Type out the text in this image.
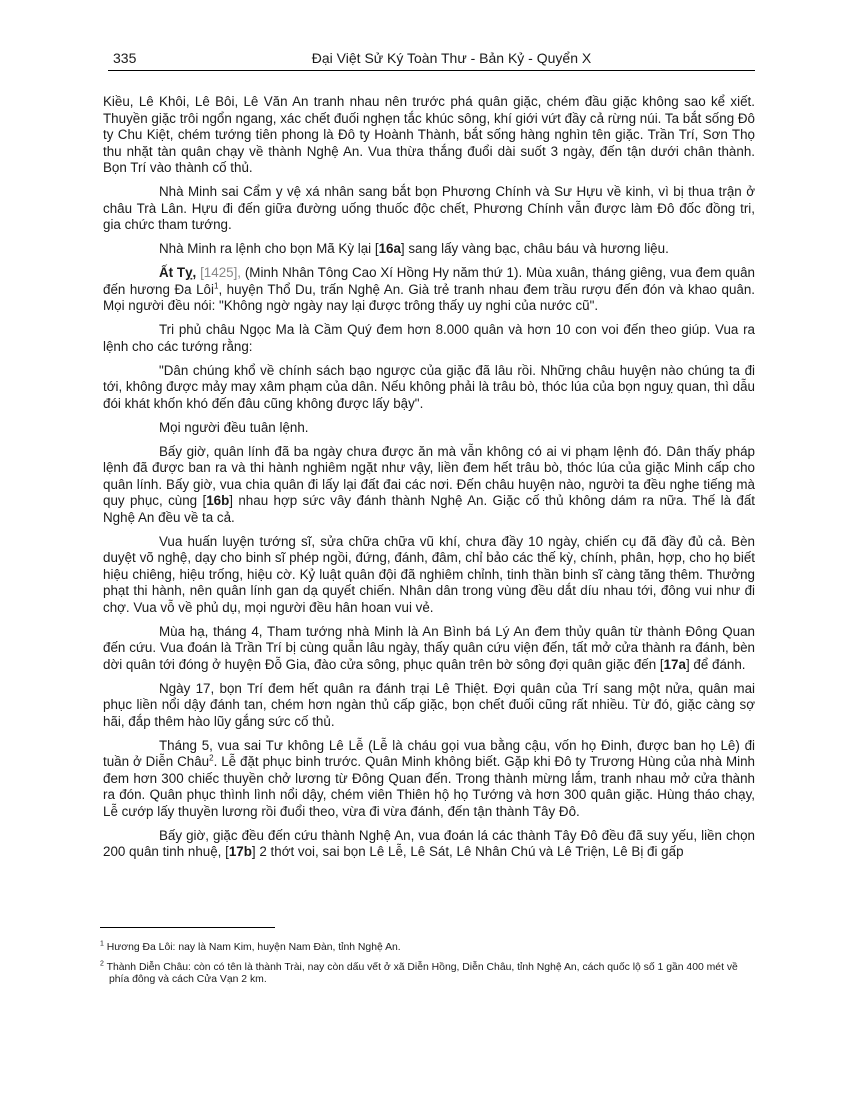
335	Đại Việt Sử Ký Toàn Thư - Bản Kỷ - Quyển X

Kiều, Lê Khôi, Lê Bôi, Lê Văn An tranh nhau nên trước phá quân giặc, chém đầu giặc không sao kể xiết. Thuyền giặc trôi ngổn ngang, xác chết đuối nghẹn tắc khúc sông, khí giới vứt đầy cả rừng núi. Ta bắt sống Đô ty Chu Kiệt, chém tướng tiên phong là Đô ty Hoành Thành, bắt sống hàng nghìn tên giặc. Trần Trí, Sơn Thọ thu nhặt tàn quân chạy về thành Nghệ An. Vua thừa thắng đuổi dài suốt 3 ngày, đến tận dưới chân thành. Bọn Trí vào thành cố thủ.

Nhà Minh sai Cẩm y vệ xá nhân sang bắt bọn Phương Chính và Sư Hựu về kinh, vì bị thua trận ở châu Trà Lân. Hựu đi đến giữa đường uống thuốc độc chết, Phương Chính vẫn được làm Đô đốc đồng tri, gia chức tham tướng.

Nhà Minh ra lệnh cho bọn Mã Kỳ lại [16a] sang lấy vàng bạc, châu báu và hương liệu.

Ất Tỵ, [1425], (Minh Nhân Tông Cao Xí Hồng Hy năm thứ 1). Mùa xuân, tháng giêng, vua đem quân đến hương Đa Lôi$^1$, huyện Thổ Du, trấn Nghệ An. Già trẻ tranh nhau đem trầu rượu đến đón và khao quân. Mọi người đều nói: "Không ngờ ngày nay lại được trông thấy uy nghi của nước cũ".

Tri phủ châu Ngọc Ma là Cầm Quý đem hơn 8.000 quân và hơn 10 con voi đến theo giúp. Vua ra lệnh cho các tướng rằng:

"Dân chúng khổ về chính sách bạo ngược của giặc đã lâu rồi. Những châu huyện nào chúng ta đi tới, không được mảy may xâm phạm của dân. Nếu không phải là trâu bò, thóc lúa của bọn nguỵ quan, thì dẫu đói khát khốn khó đến đâu cũng không được lấy bậy".

Mọi người đều tuân lệnh.

Bấy giờ, quân lính đã ba ngày chưa được ăn mà vẫn không có ai vi phạm lệnh đó. Dân thấy pháp lệnh đã được ban ra và thi hành nghiêm ngặt như vậy, liền đem hết trâu bò, thóc lúa của giặc Minh cấp cho quân lính. Bấy giờ, vua chia quân đi lấy lại đất đai các nơi. Đến châu huyện nào, người ta đều nghe tiếng mà quy phục, cùng [16b] nhau hợp sức vây đánh thành Nghệ An. Giặc cố thủ không dám ra nữa. Thế là đất Nghệ An đều về ta cả.

Vua huấn luyện tướng sĩ, sửa chữa chữa vũ khí, chưa đầy 10 ngày, chiến cụ đã đầy đủ cả. Bèn duyệt võ nghệ, dạy cho binh sĩ phép ngồi, đứng, đánh, đâm, chỉ bảo các thế kỳ, chính, phân, hợp, cho họ biết hiệu chiêng, hiệu trống, hiệu cờ. Kỷ luật quân đội đã nghiêm chỉnh, tinh thần binh sĩ càng tăng thêm. Thưởng phạt thi hành, nên quân lính gan dạ quyết chiến. Nhân dân trong vùng đều dắt díu nhau tới, đông vui như đi chợ. Vua vỗ về phủ dụ, mọi người đều hân hoan vui vẻ.

Mùa hạ, tháng 4, Tham tướng nhà Minh là An Bình bá Lý An đem thủy quân từ thành Đông Quan đến cứu. Vua đoán là Trần Trí bị cùng quẫn lâu ngày, thấy quân cứu viện đến, tất mở cửa thành ra đánh, bèn dời quân tới đóng ở huyện Đỗ Gia, đào cửa sông, phục quân trên bờ sông đợi quân giặc đến [17a] để đánh.

Ngày 17, bọn Trí đem hết quân ra đánh trại Lê Thiệt. Đợi quân của Trí sang một nửa, quân mai phục liền nổi dậy đánh tan, chém hơn ngàn thủ cấp giặc, bọn chết đuối cũng rất nhiều. Từ đó, giặc càng sợ hãi, đắp thêm hào lũy gắng sức cố thủ.

Tháng 5, vua sai Tư không Lê Lễ (Lễ là cháu gọi vua bằng cậu, vốn họ Đinh, được ban họ Lê) đi tuần ở Diễn Châu$^2$. Lễ đặt phục binh trước. Quân Minh không biết. Gặp khi Đô ty Trương Hùng của nhà Minh đem hơn 300 chiếc thuyền chở lương từ Đông Quan đến. Trong thành mừng lắm, tranh nhau mở cửa thành ra đón. Quân phục thình lình nổi dậy, chém viên Thiên hộ họ Tướng và hơn 300 quân giặc. Hùng tháo chạy, Lễ cướp lấy thuyền lương rồi đuổi theo, vừa đi vừa đánh, đến tận thành Tây Đô.

Bấy giờ, giặc đều đến cứu thành Nghệ An, vua đoán lá các thành Tây Đô đều đã suy yếu, liền chọn 200 quân tinh nhuệ, [17b] 2 thớt voi, sai bọn Lê Lễ, Lê Sát, Lê Nhân Chú và Lê Triện, Lê Bị đi gấp

$^1$ Hương Đa Lôi: nay là Nam Kim, huyện Nam Đàn, tỉnh Nghệ An.

$^2$ Thành Diễn Châu: còn có tên là thành Trài, nay còn dấu vết ở xã Diễn Hồng, Diễn Châu, tỉnh Nghệ An, cách quốc lộ số 1 gần 400 mét về phía đông và cách Cửa Vạn 2 km.
